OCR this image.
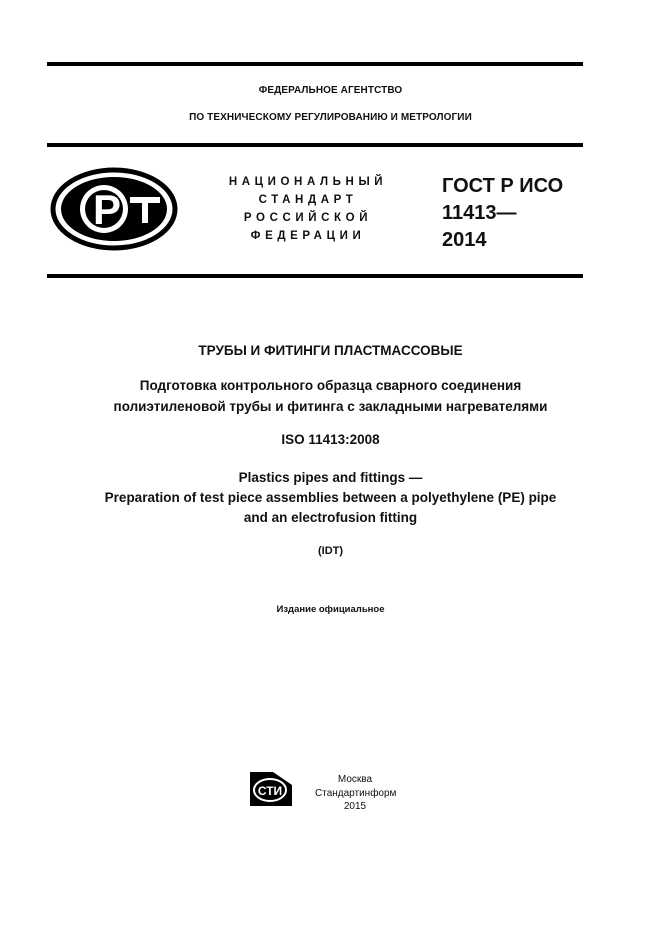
ФЕДЕРАЛЬНОЕ АГЕНТСТВО
ПО ТЕХНИЧЕСКОМУ РЕГУЛИРОВАНИЮ И МЕТРОЛОГИИ
Р
НАЦИОНАЛЬНЫЙ
СТАНДАРТ
РОССИЙСКОЙ
ФЕДЕРАЦИИ
ГОСТ Р ИСО
11413—
2014
ТРУБЫ И ФИТИНГИ ПЛАСТМАССОВЫЕ
Подготовка контрольного образца сварного соединения
полиэтиленовой трубы и фитинга с закладными нагревателями
ISO 11413:2008
Plastics pipes and fittings —
Preparation of test piece assemblies between a polyethylene (PE) pipe
and an electrofusion fitting
(IDT)
Издание официальное
СТИ
Москва
Стандартинформ
2015
